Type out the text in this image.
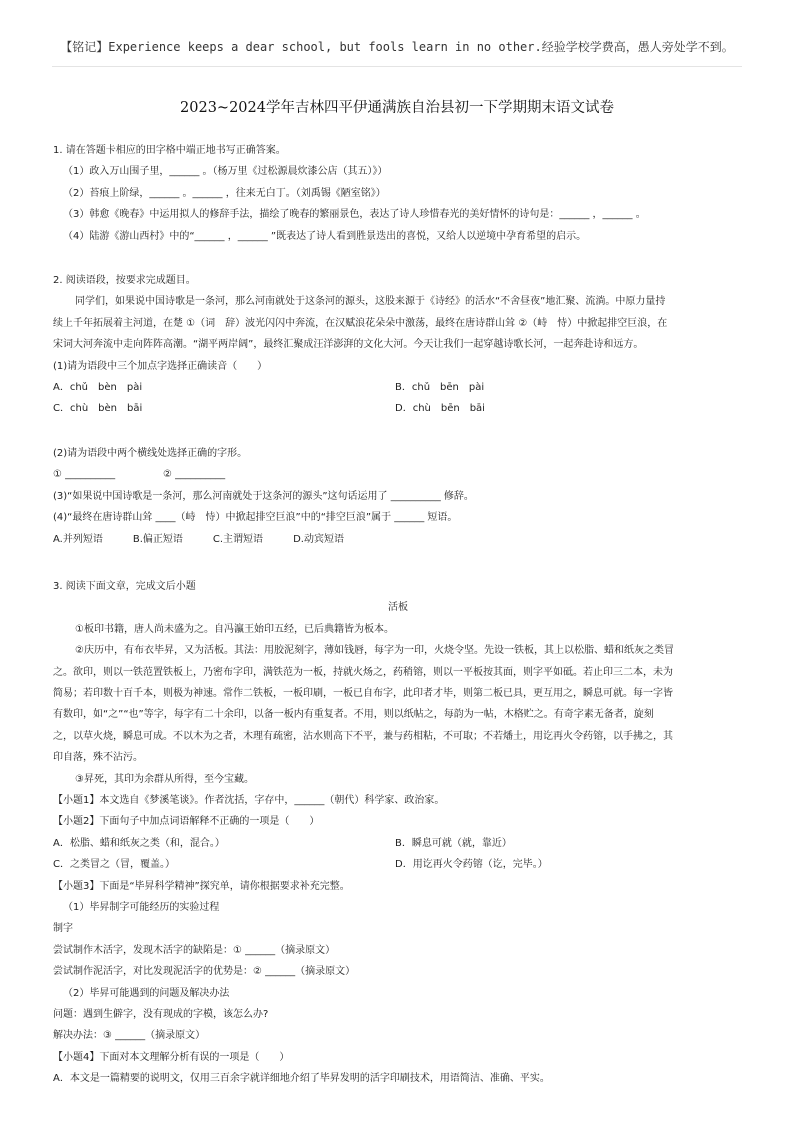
【铭记】Experience keeps a dear school, but fools learn in no other.经验学校学费高，愚人旁处学不到。
2023~2024学年吉林四平伊通满族自治县初一下学期期末语文试卷
1. 请在答题卡相应的田字格中端正地书写正确答案。
（1）政入万山围子里，______ 。（杨万里《过松源晨炊漆公店（其五）》）
（2）苔痕上阶绿，______ 。______ ，往来无白丁。（刘禹锡《陋室铭》）
（3）韩愈《晚春》中运用拟人的修辞手法，描绘了晚春的繁丽景色，表达了诗人珍惜春光的美好情怀的诗句是：______ ，______ 。
（4）陆游《游山西村》中的“______ ，______ ”既表达了诗人看到胜景迭出的喜悦，又给人以逆境中孕育希望的启示。
2. 阅读语段，按要求完成题目。
同学们，如果说中国诗歌是一条河，那么河南就处于这条河的源头，这股来源于《诗经》的活水“不舍昼夜”地汇聚、流淌。中原力量持
续上千年拓展着主河道，在楚 ①（词　辞）波光闪闪中奔流，在汉赋浪花朵朵中激荡，最终在唐诗群山耸 ②（峙　恃）中掀起排空巨浪，在
宋词大河奔流中走向阵阵高潮。“湖平两岸阔”，最终汇聚成汪洋澎湃的文化大河。今天让我们一起穿越诗歌长河，一起奔赴诗和远方。
(1)请为语段中三个加点字选择正确读音（　　）
A．chǔ　bèn　pài	B．chǔ　bēn　pài
C．chù　bèn　bāi	D．chù　bēn　bāi
(2)请为语段中两个横线处选择正确的字形。
① __________	② __________
(3)“如果说中国诗歌是一条河，那么河南就处于这条河的源头”这句话运用了 __________ 修辞。
(4)“最终在唐诗群山耸 ____（峙　恃）中掀起排空巨浪”中的“排空巨浪”属于 ______ 短语。
A.并列短语	B.偏正短语	C.主谓短语	D.动宾短语
3. 阅读下面文章，完成文后小题
活板
①板印书籍，唐人尚未盛为之。自冯瀛王始印五经，已后典籍皆为板本。
②庆历中，有布衣毕昇，又为活板。其法：用胶泥刻字，薄如钱唇，每字为一印，火烧令坚。先设一铁板，其上以松脂、蜡和纸灰之类冒
之。欲印，则以一铁范置铁板上，乃密布字印，满铁范为一板，持就火炀之，药稍镕，则以一平板按其面，则字平如砥。若止印三二本，未为
简易；若印数十百千本，则极为神速。常作二铁板，一板印刷，一板已自布字，此印者才毕，则第二板已具，更互用之，瞬息可就。每一字皆
有数印，如“之”“也”等字，每字有二十余印，以备一板内有重复者。不用，则以纸帖之，每韵为一帖，木格贮之。有奇字素无备者，旋刻
之，以草火烧，瞬息可成。不以木为之者，木理有疏密，沾水则高下不平，兼与药相粘，不可取；不若燔土，用讫再火令药镕，以手拂之，其
印自落，殊不沾污。
③昇死，其印为余群从所得，至今宝藏。
【小题1】本文选自《梦溪笔谈》。作者沈括，字存中，______（朝代）科学家、政治家。
【小题2】下面句子中加点词语解释不正确的一项是（　　）
A．松脂、蜡和纸灰之类（和，混合。）	B．瞬息可就（就，靠近）
C．之类冒之（冒，覆盖。）	D．用讫再火令药镕（讫，完毕。）
【小题3】下面是“毕昇科学精神”探究单，请你根据要求补充完整。
（1）毕昇制字可能经历的实验过程
制字
尝试制作木活字，发现木活字的缺陷是：① ______（摘录原文）
尝试制作泥活字，对比发现泥活字的优势是：② ______（摘录原文）
（2）毕昇可能遇到的问题及解决办法
问题：遇到生僻字，没有现成的字模，该怎么办?
解决办法：③ ______（摘录原文）
【小题4】下面对本文理解分析有误的一项是（　　）
A．本文是一篇精要的说明文，仅用三百余字就详细地介绍了毕昇发明的活字印刷技术，用语简洁、准确、平实。
